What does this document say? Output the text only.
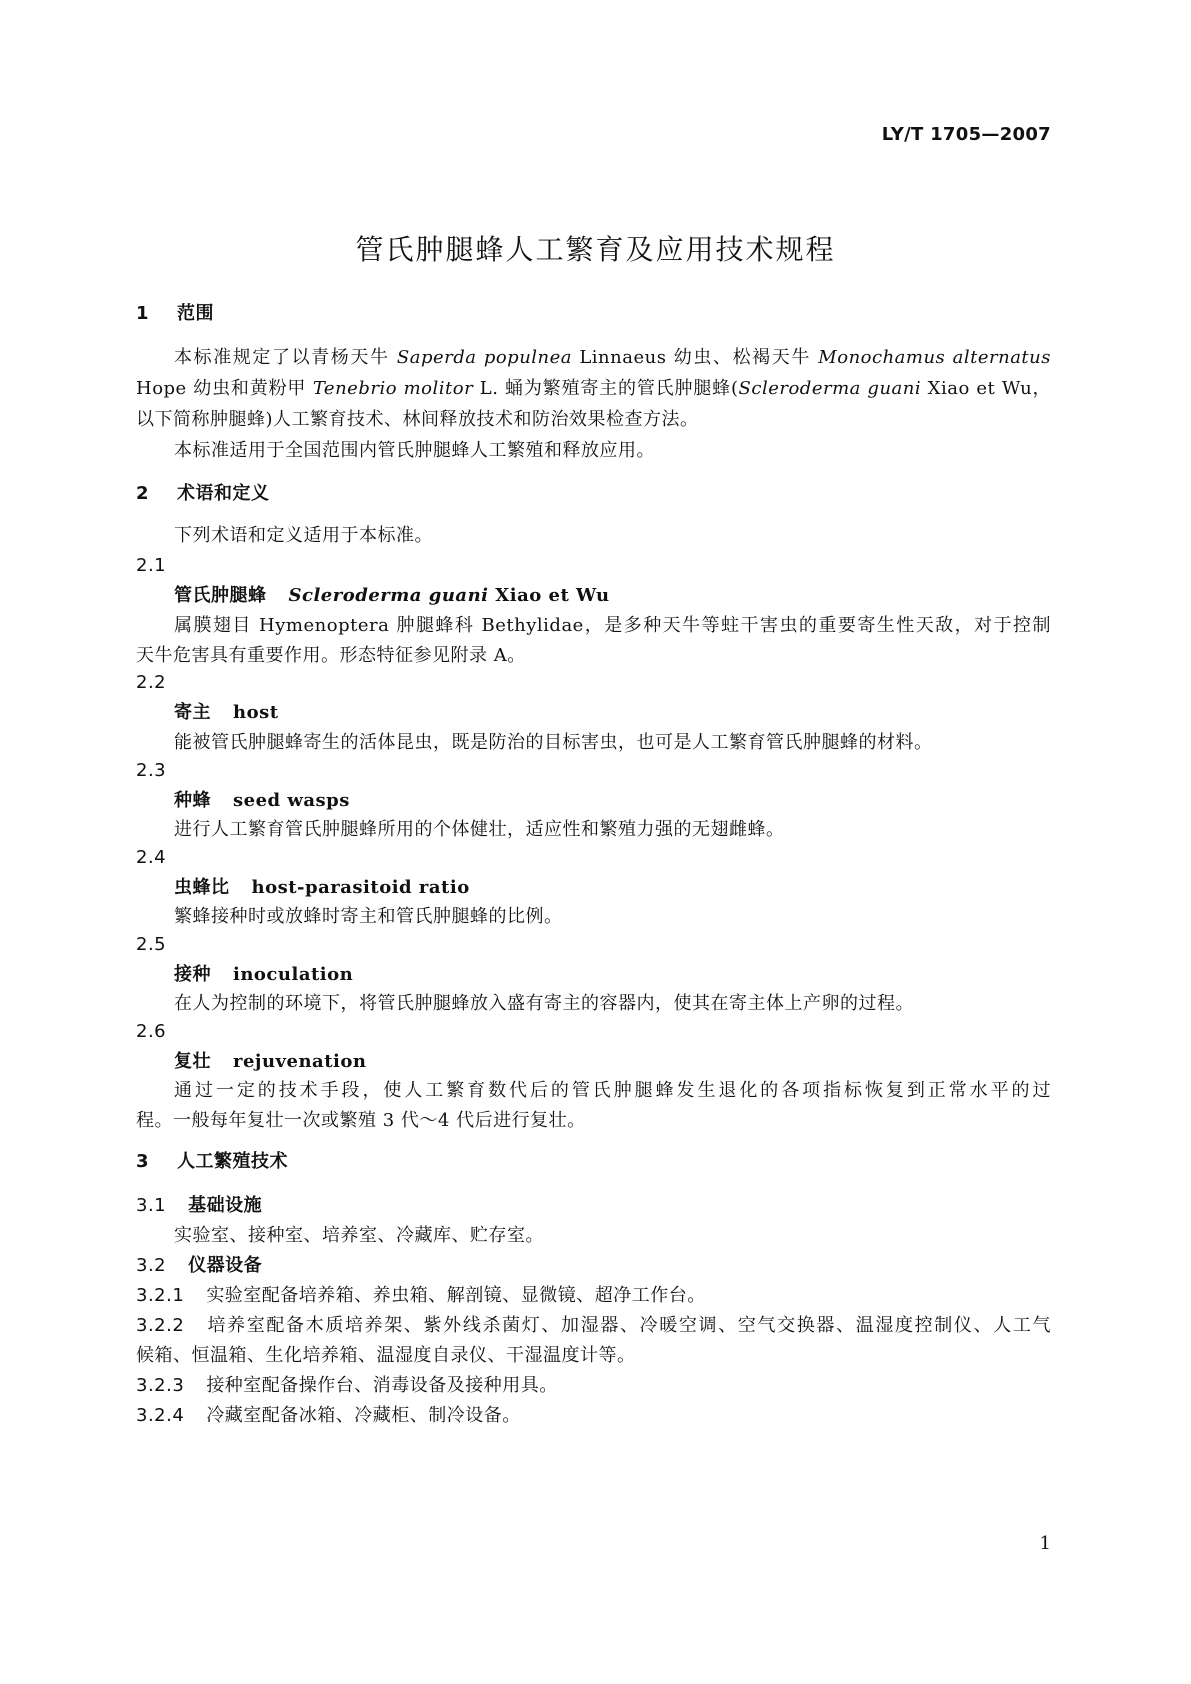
LY/T 1705—2007
管氏肿腿蜂人工繁育及应用技术规程
1 范围
本标准规定了以青杨天牛 Saperda populnea Linnaeus 幼虫、松褐天牛 Monochamus alternatus
Hope 幼虫和黄粉甲 Tenebrio molitor L. 蛹为繁殖寄主的管氏肿腿蜂(Scleroderma guani Xiao et Wu，
以下简称肿腿蜂)人工繁育技术、林间释放技术和防治效果检查方法。
本标准适用于全国范围内管氏肿腿蜂人工繁殖和释放应用。
2 术语和定义
下列术语和定义适用于本标准。
2.1
管氏肿腿蜂 Scleroderma guani Xiao et Wu
属膜翅目 Hymenoptera 肿腿蜂科 Bethylidae，是多种天牛等蛀干害虫的重要寄生性天敌，对于控制
天牛危害具有重要作用。形态特征参见附录 A。
2.2
寄主 host
能被管氏肿腿蜂寄生的活体昆虫，既是防治的目标害虫，也可是人工繁育管氏肿腿蜂的材料。
2.3
种蜂 seed wasps
进行人工繁育管氏肿腿蜂所用的个体健壮，适应性和繁殖力强的无翅雌蜂。
2.4
虫蜂比 host-parasitoid ratio
繁蜂接种时或放蜂时寄主和管氏肿腿蜂的比例。
2.5
接种 inoculation
在人为控制的环境下，将管氏肿腿蜂放入盛有寄主的容器内，使其在寄主体上产卵的过程。
2.6
复壮 rejuvenation
通过一定的技术手段，使人工繁育数代后的管氏肿腿蜂发生退化的各项指标恢复到正常水平的过
程。一般每年复壮一次或繁殖 3 代～4 代后进行复壮。
3 人工繁殖技术
3.1 基础设施
实验室、接种室、培养室、冷藏库、贮存室。
3.2 仪器设备
3.2.1 实验室配备培养箱、养虫箱、解剖镜、显微镜、超净工作台。
3.2.2 培养室配备木质培养架、紫外线杀菌灯、加湿器、冷暖空调、空气交换器、温湿度控制仪、人工气
候箱、恒温箱、生化培养箱、温湿度自录仪、干湿温度计等。
3.2.3 接种室配备操作台、消毒设备及接种用具。
3.2.4 冷藏室配备冰箱、冷藏柜、制冷设备。
1
